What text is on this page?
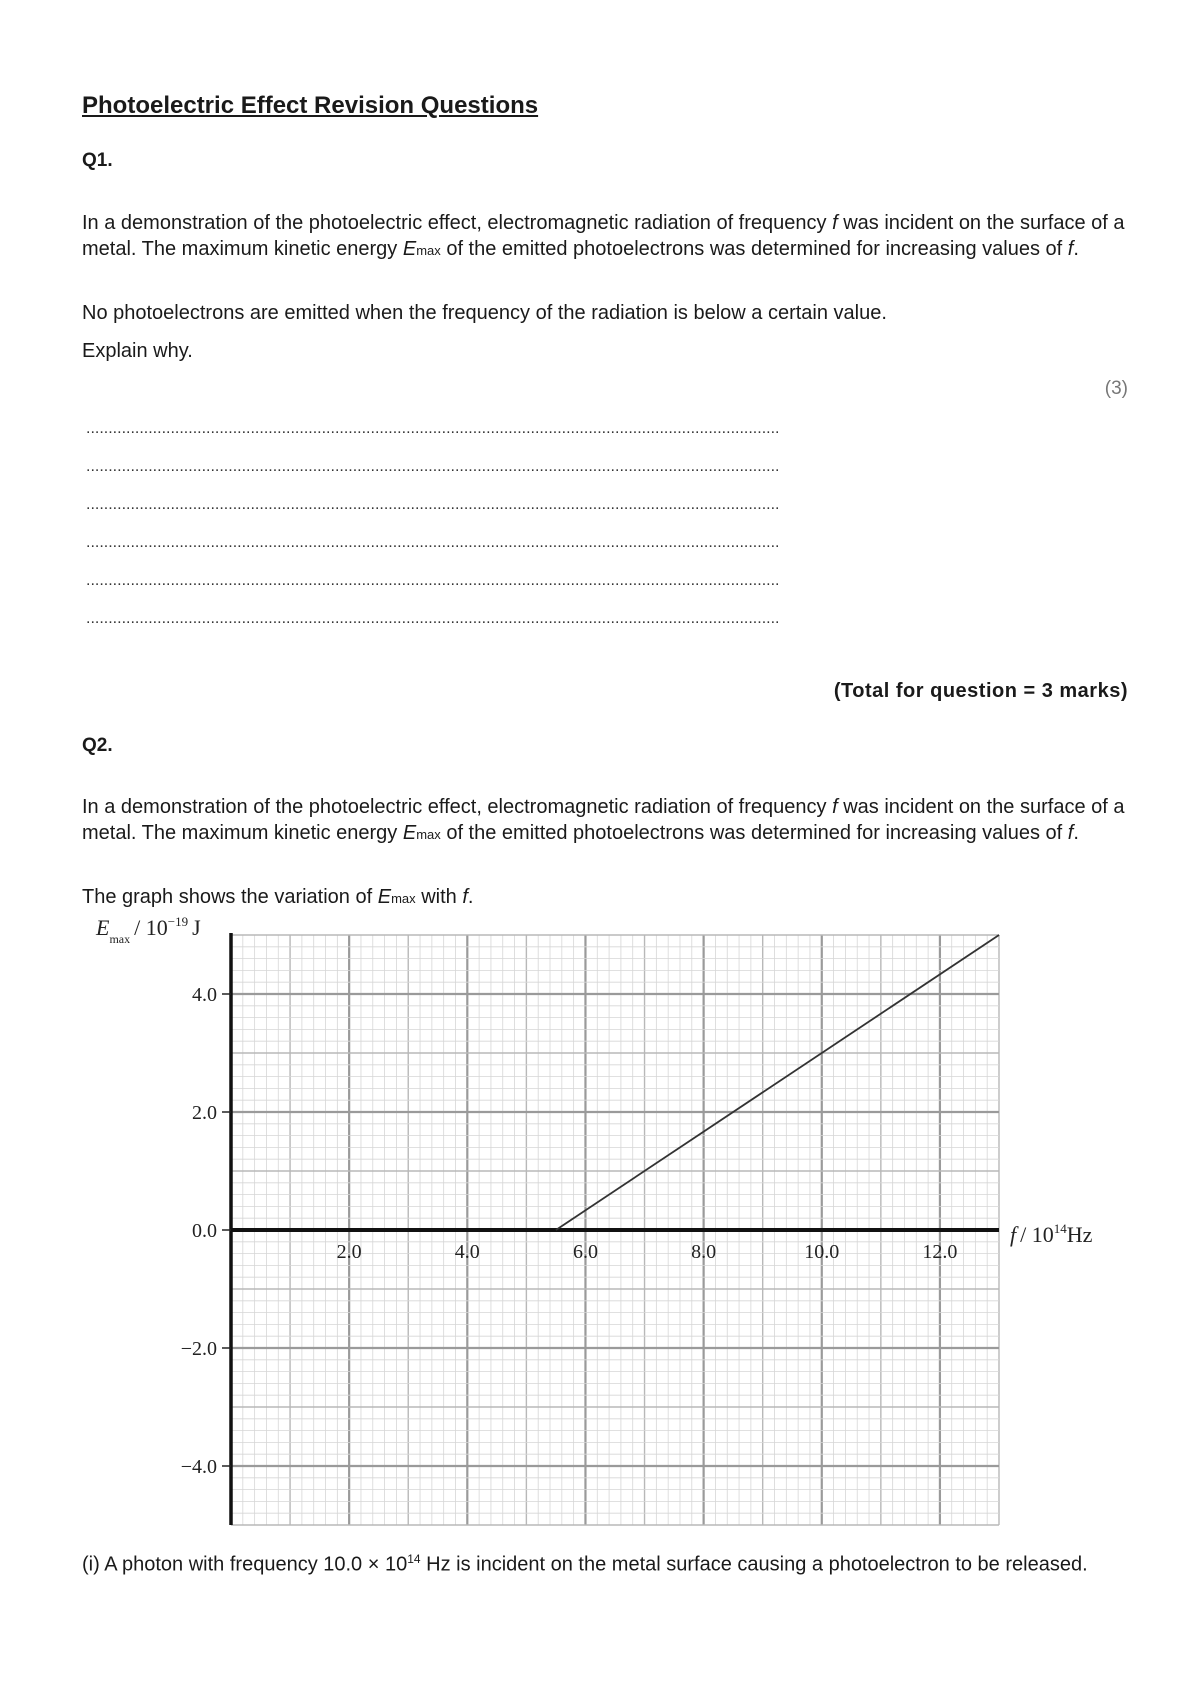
Photoelectric Effect Revision Questions
Q1.
In a demonstration of the photoelectric effect, electromagnetic radiation of frequency f was incident on the surface of a metal. The maximum kinetic energy Emax of the emitted photoelectrons was determined for increasing values of f.
No photoelectrons are emitted when the frequency of the radiation is below a certain value.
Explain why.
(3)
............................................................................................................................................................
............................................................................................................................................................
............................................................................................................................................................
............................................................................................................................................................
............................................................................................................................................................
............................................................................................................................................................
(Total for question = 3 marks)
Q2.
In a demonstration of the photoelectric effect, electromagnetic radiation of frequency f was incident on the surface of a metal. The maximum kinetic energy Emax of the emitted photoelectrons was determined for increasing values of f.
The graph shows the variation of Emax with f.
4.0
2.0
0.0
−2.0
−4.0
2.0	4.0	6.0	8.0	10.0	12.0
$E_{max} / 10^{-19}$ J
f / $10^{14}Hz$
(i) A photon with frequency $10.0 \times 10^{14}$ Hz is incident on the metal surface causing a photoelectron to be released.
